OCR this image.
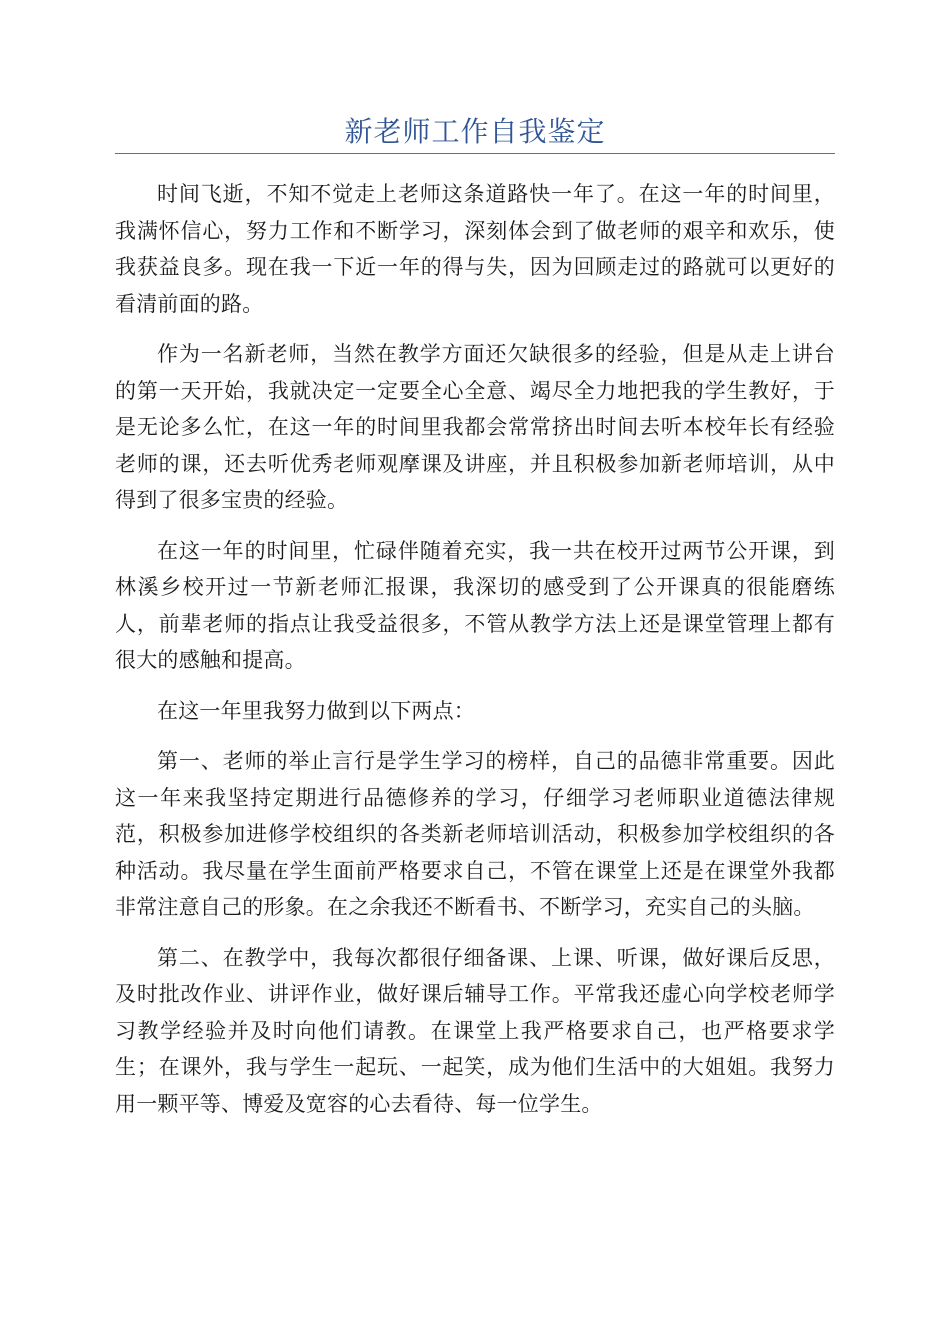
新老师工作自我鉴定

时间飞逝，不知不觉走上老师这条道路快一年了。在这一年的时间里，我满怀信心，努力工作和不断学习，深刻体会到了做老师的艰辛和欢乐，使我获益良多。现在我一下近一年的得与失，因为回顾走过的路就可以更好的看清前面的路。

作为一名新老师，当然在教学方面还欠缺很多的经验，但是从走上讲台的第一天开始，我就决定一定要全心全意、竭尽全力地把我的学生教好，于是无论多么忙，在这一年的时间里我都会常常挤出时间去听本校年长有经验老师的课，还去听优秀老师观摩课及讲座，并且积极参加新老师培训，从中得到了很多宝贵的经验。

在这一年的时间里，忙碌伴随着充实，我一共在校开过两节公开课，到林溪乡校开过一节新老师汇报课，我深切的感受到了公开课真的很能磨练人，前辈老师的指点让我受益很多，不管从教学方法上还是课堂管理上都有很大的感触和提高。

在这一年里我努力做到以下两点：

第一、老师的举止言行是学生学习的榜样，自己的品德非常重要。因此这一年来我坚持定期进行品德修养的学习，仔细学习老师职业道德法律规范，积极参加进修学校组织的各类新老师培训活动，积极参加学校组织的各种活动。我尽量在学生面前严格要求自己，不管在课堂上还是在课堂外我都非常注意自己的形象。在之余我还不断看书、不断学习，充实自己的头脑。

第二、在教学中，我每次都很仔细备课、上课、听课，做好课后反思，及时批改作业、讲评作业，做好课后辅导工作。平常我还虚心向学校老师学习教学经验并及时向他们请教。在课堂上我严格要求自己，也严格要求学生；在课外，我与学生一起玩、一起笑，成为他们生活中的大姐姐。我努力用一颗平等、博爱及宽容的心去看待、每一位学生。
